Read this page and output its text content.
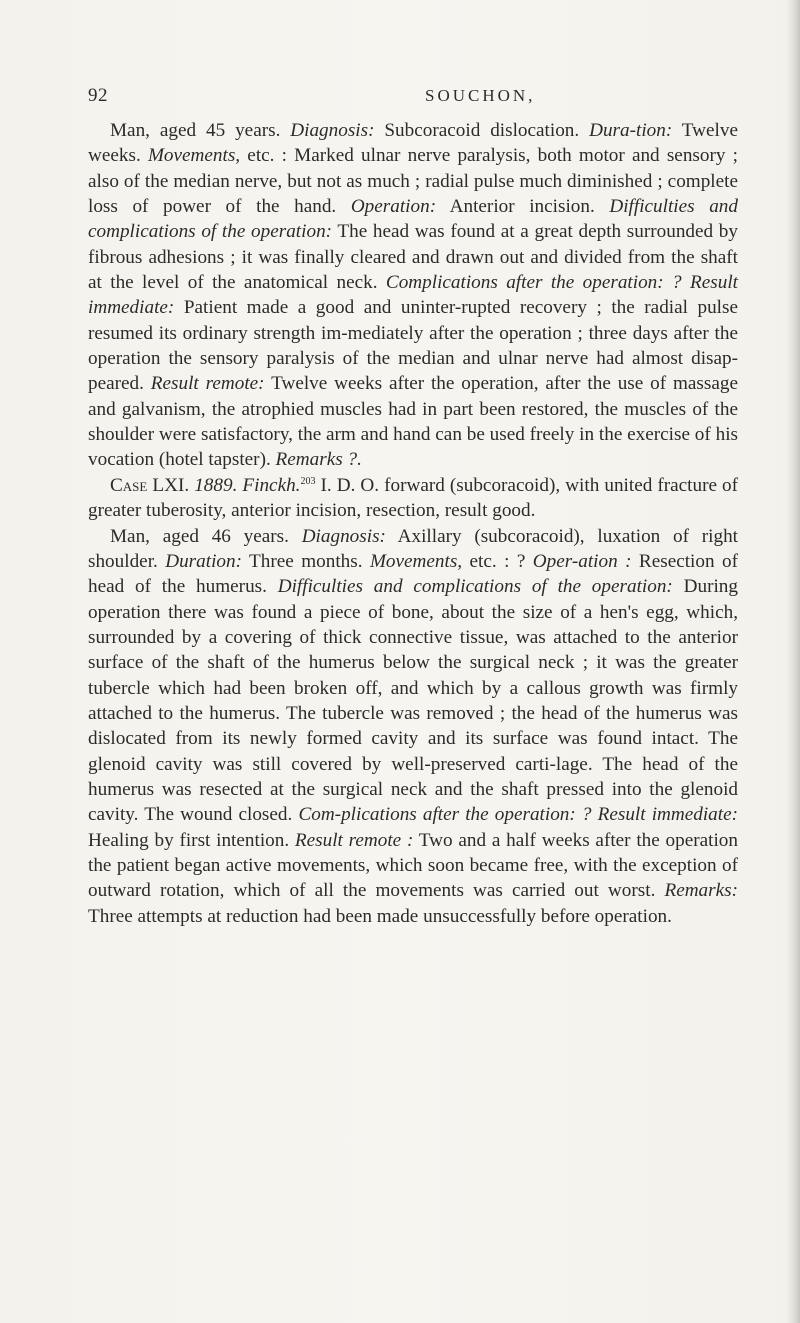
92	SOUCHON,

Man, aged 45 years. Diagnosis: Subcoracoid dislocation. Dura-tion: Twelve weeks. Movements, etc. : Marked ulnar nerve paralysis, both motor and sensory ; also of the median nerve, but not as much ; radial pulse much diminished ; complete loss of power of the hand. Operation: Anterior incision. Difficulties and complications of the operation: The head was found at a great depth surrounded by fibrous adhesions ; it was finally cleared and drawn out and divided from the shaft at the level of the anatomical neck. Complications after the operation: ? Result immediate: Patient made a good and uninter-rupted recovery ; the radial pulse resumed its ordinary strength im-mediately after the operation ; three days after the operation the sensory paralysis of the median and ulnar nerve had almost disap-peared. Result remote: Twelve weeks after the operation, after the use of massage and galvanism, the atrophied muscles had in part been restored, the muscles of the shoulder were satisfactory, the arm and hand can be used freely in the exercise of his vocation (hotel tapster). Remarks ?.

Case LXI. 1889. Finckh.$^{203}$ I. D. O. forward (subcoracoid), with united fracture of greater tuberosity, anterior incision, resection, result good.

Man, aged 46 years. Diagnosis: Axillary (subcoracoid), luxation of right shoulder. Duration: Three months. Movements, etc. : ? Oper-ation : Resection of head of the humerus. Difficulties and complications of the operation: During operation there was found a piece of bone, about the size of a hen's egg, which, surrounded by a covering of thick connective tissue, was attached to the anterior surface of the shaft of the humerus below the surgical neck ; it was the greater tubercle which had been broken off, and which by a callous growth was firmly attached to the humerus. The tubercle was removed ; the head of the humerus was dislocated from its newly formed cavity and its surface was found intact. The glenoid cavity was still covered by well-preserved carti-lage. The head of the humerus was resected at the surgical neck and the shaft pressed into the glenoid cavity. The wound closed. Com-plications after the operation: ? Result immediate: Healing by first intention. Result remote : Two and a half weeks after the operation the patient began active movements, which soon became free, with the exception of outward rotation, which of all the movements was carried out worst. Remarks: Three attempts at reduction had been made unsuccessfully before operation.
